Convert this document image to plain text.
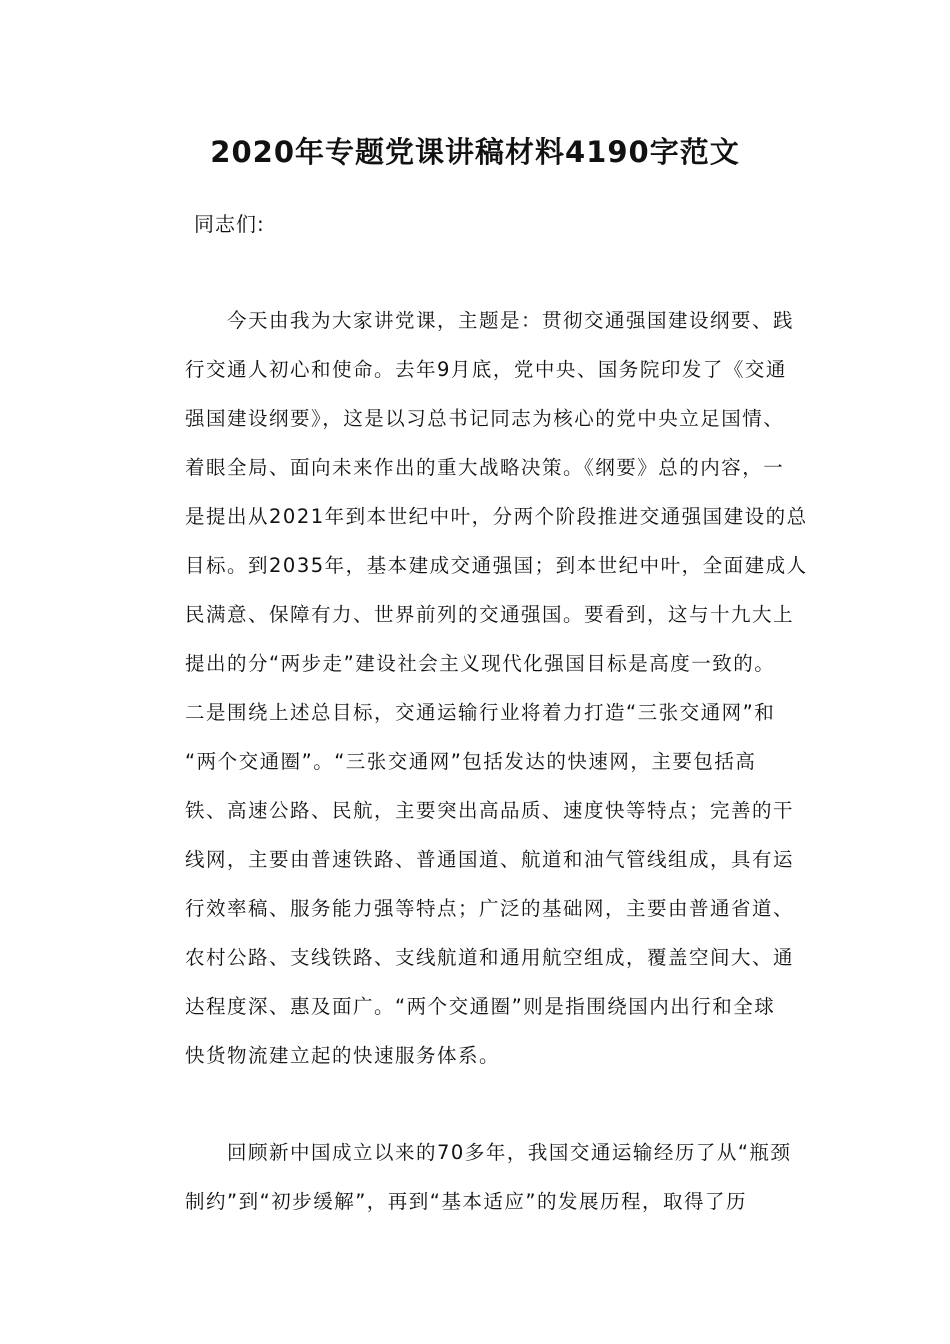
2020年专题党课讲稿材料4190字范文

同志们:

今天由我为大家讲党课，主题是：贯彻交通强国建设纲要、践
行交通人初心和使命。去年9月底，党中央、国务院印发了《交通
强国建设纲要》，这是以习总书记同志为核心的党中央立足国情、
着眼全局、面向未来作出的重大战略决策。《纲要》总的内容，一
是提出从2021年到本世纪中叶，分两个阶段推进交通强国建设的总
目标。到2035年，基本建成交通强国；到本世纪中叶，全面建成人
民满意、保障有力、世界前列的交通强国。要看到，这与十九大上
提出的分“两步走”建设社会主义现代化强国目标是高度一致的。
二是围绕上述总目标，交通运输行业将着力打造“三张交通网”和
“两个交通圈”。“三张交通网”包括发达的快速网，主要包括高
铁、高速公路、民航，主要突出高品质、速度快等特点；完善的干
线网，主要由普速铁路、普通国道、航道和油气管线组成，具有运
行效率稿、服务能力强等特点；广泛的基础网，主要由普通省道、
农村公路、支线铁路、支线航道和通用航空组成，覆盖空间大、通
达程度深、惠及面广。“两个交通圈”则是指围绕国内出行和全球
快货物流建立起的快速服务体系。
回顾新中国成立以来的70多年，我国交通运输经历了从“瓶颈
制约”到“初步缓解”，再到“基本适应”的发展历程，取得了历
